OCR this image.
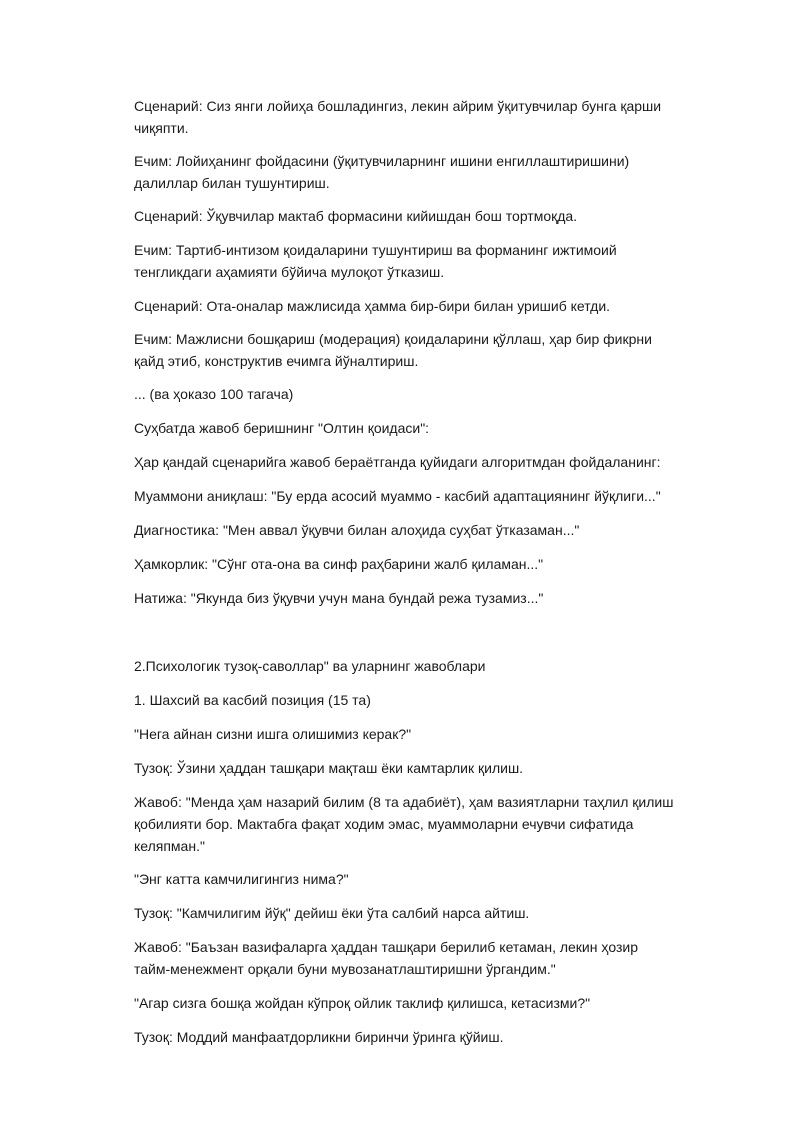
Сценарий: Сиз янги лойиҳа бошладингиз, лекин айрим ўқитувчилар бунга қарши чиқяпти.

Ечим: Лойиҳанинг фойдасини (ўқитувчиларнинг ишини енгиллаштиришини) далиллар билан тушунтириш.

Сценарий: Ўқувчилар мактаб формасини кийишдан бош тортмоқда.

Ечим: Тартиб-интизом қоидаларини тушунтириш ва форманинг ижтимоий тенгликдаги аҳамияти бўйича мулоқот ўтказиш.

Сценарий: Ота-оналар мажлисида ҳамма бир-бири билан уришиб кетди.

Ечим: Мажлисни бошқариш (модерация) қоидаларини қўллаш, ҳар бир фикрни қайд этиб, конструктив ечимга йўналтириш.

... (ва ҳоказо 100 тагача)

Суҳбатда жавоб беришнинг "Олтин қоидаси":

Ҳар қандай сценарийга жавоб бераётганда қуйидаги алгоритмдан фойдаланинг:

Муаммони аниқлаш: "Бу ерда асосий муаммо - касбий адаптациянинг йўқлиги..."

Диагностика: "Мен аввал ўқувчи билан алоҳида суҳбат ўтказаман..."

Ҳамкорлик: "Сўнг ота-она ва синф раҳбарини жалб қиламан..."

Натижа: "Якунда биз ўқувчи учун мана бундай режа тузамиз..."

2.Психологик тузоқ-саволлар" ва уларнинг жавоблари

1. Шахсий ва касбий позиция (15 та)

"Нега айнан сизни ишга олишимиз керак?"

Тузоқ: Ўзини ҳаддан ташқари мақташ ёки камтарлик қилиш.

Жавоб: "Менда ҳам назарий билим (8 та адабиёт), ҳам вазиятларни таҳлил қилиш қобилияти бор. Мактабга фақат ходим эмас, муаммоларни ечувчи сифатида келяпман."

"Энг катта камчилигингиз нима?"

Тузоқ: "Камчилигим йўқ" дейиш ёки ўта салбий нарса айтиш.

Жавоб: "Баъзан вазифаларга ҳаддан ташқари берилиб кетаман, лекин ҳозир тайм-менежмент орқали буни мувозанатлаштиришни ўргандим."

"Агар сизга бошқа жойдан кўпроқ ойлик таклиф қилишса, кетасизми?"

Тузоқ: Моддий манфаатдорликни биринчи ўринга қўйиш.
